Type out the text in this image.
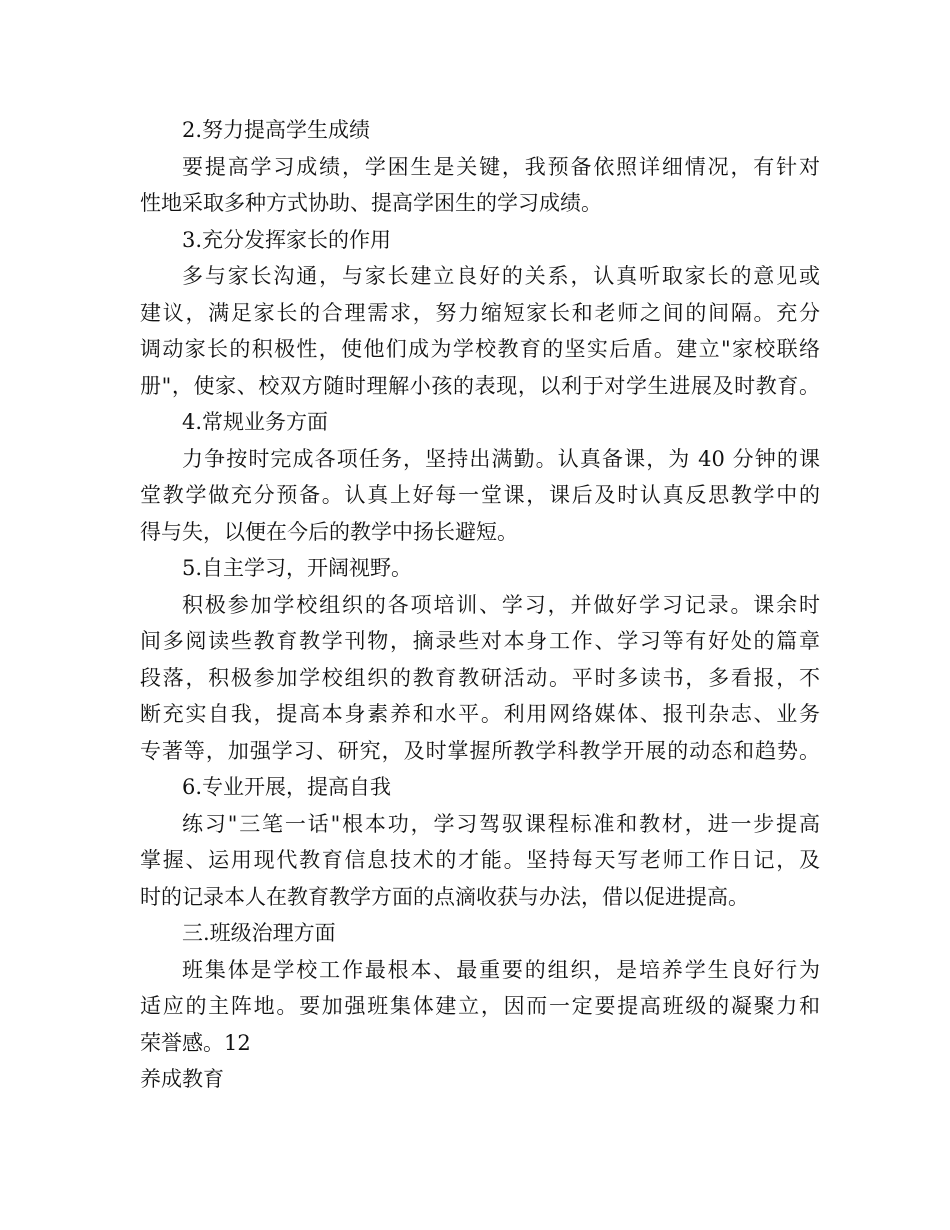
2.努力提高学生成绩
要提高学习成绩，学困生是关键，我预备依照详细情况，有针对
性地采取多种方式协助、提高学困生的学习成绩。
3.充分发挥家长的作用
多与家长沟通，与家长建立良好的关系，认真听取家长的意见或
建议，满足家长的合理需求，努力缩短家长和老师之间的间隔。充分
调动家长的积极性，使他们成为学校教育的坚实后盾。建立"家校联络
册"，使家、校双方随时理解小孩的表现，以利于对学生进展及时教育。
4.常规业务方面
力争按时完成各项任务，坚持出满勤。认真备课，为 40 分钟的课
堂教学做充分预备。认真上好每一堂课，课后及时认真反思教学中的
得与失，以便在今后的教学中扬长避短。
5.自主学习，开阔视野。
积极参加学校组织的各项培训、学习，并做好学习记录。课余时
间多阅读些教育教学刊物，摘录些对本身工作、学习等有好处的篇章
段落，积极参加学校组织的教育教研活动。平时多读书，多看报，不
断充实自我，提高本身素养和水平。利用网络媒体、报刊杂志、业务
专著等，加强学习、研究，及时掌握所教学科教学开展的动态和趋势。
6.专业开展，提高自我
练习"三笔一话"根本功，学习驾驭课程标准和教材，进一步提高
掌握、运用现代教育信息技术的才能。坚持每天写老师工作日记，及
时的记录本人在教育教学方面的点滴收获与办法，借以促进提高。
三.班级治理方面
班集体是学校工作最根本、最重要的组织，是培养学生良好行为
适应的主阵地。要加强班集体建立，因而一定要提高班级的凝聚力和
荣誉感。12
养成教育
